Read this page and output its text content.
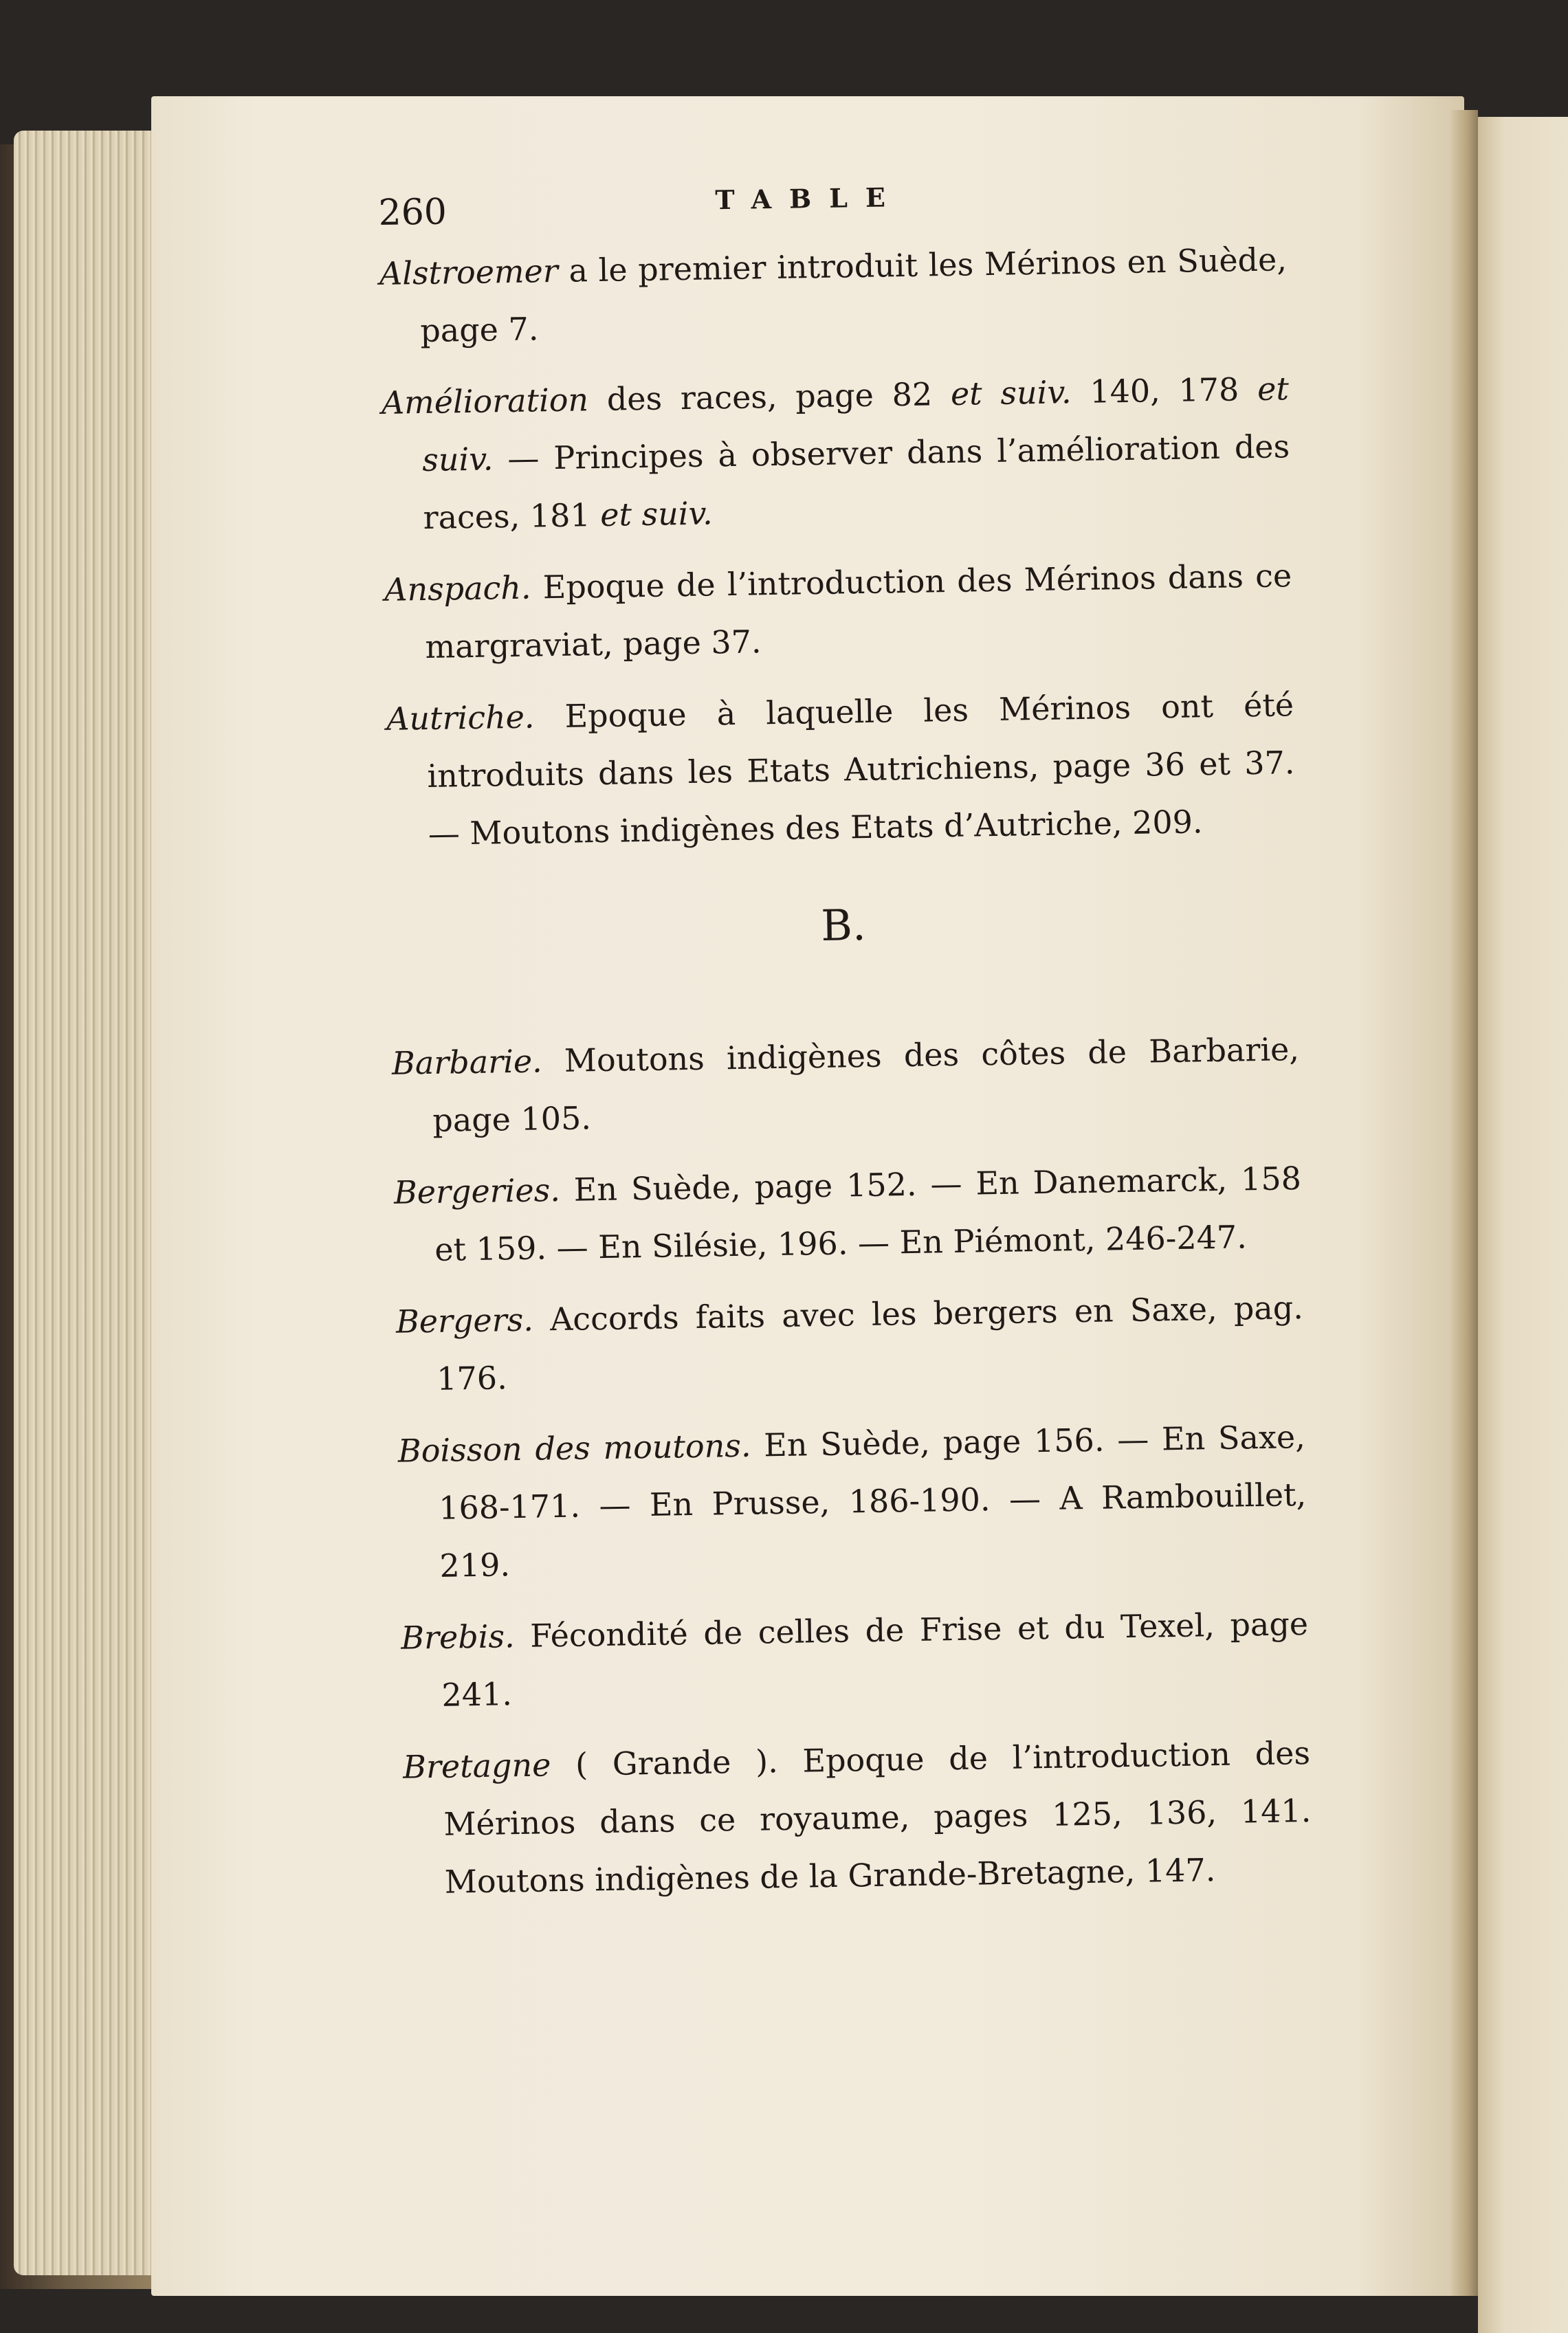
260	TABLE

Alstroemer a le premier introduit les Mérinos en Suède, page 7.

Amélioration des races, page 82 et suiv. 140, 178 et suiv. — Principes à observer dans l’amélioration des races, 181 et suiv.

Anspach. Epoque de l’introduction des Mérinos dans ce margraviat, page 37.

Autriche. Epoque à laquelle les Mérinos ont été introduits dans les Etats Autrichiens, page 36 et 37. — Moutons indigènes des Etats d’Autriche, 209.

B.

Barbarie. Moutons indigènes des côtes de Barbarie, page 105.

Bergeries. En Suède, page 152. — En Danemarck, 158 et 159. — En Silésie, 196. — En Piémont, 246-247.

Bergers. Accords faits avec les bergers en Saxe, pag. 176.

Boisson des moutons. En Suède, page 156. — En Saxe, 168-171. — En Prusse, 186-190. — A Rambouillet, 219.

Brebis. Fécondité de celles de Frise et du Texel, page 241.

Bretagne ( Grande ). Epoque de l’introduction des Mérinos dans ce royaume, pages 125, 136, 141. Moutons indigènes de la Grande-Bretagne, 147.
